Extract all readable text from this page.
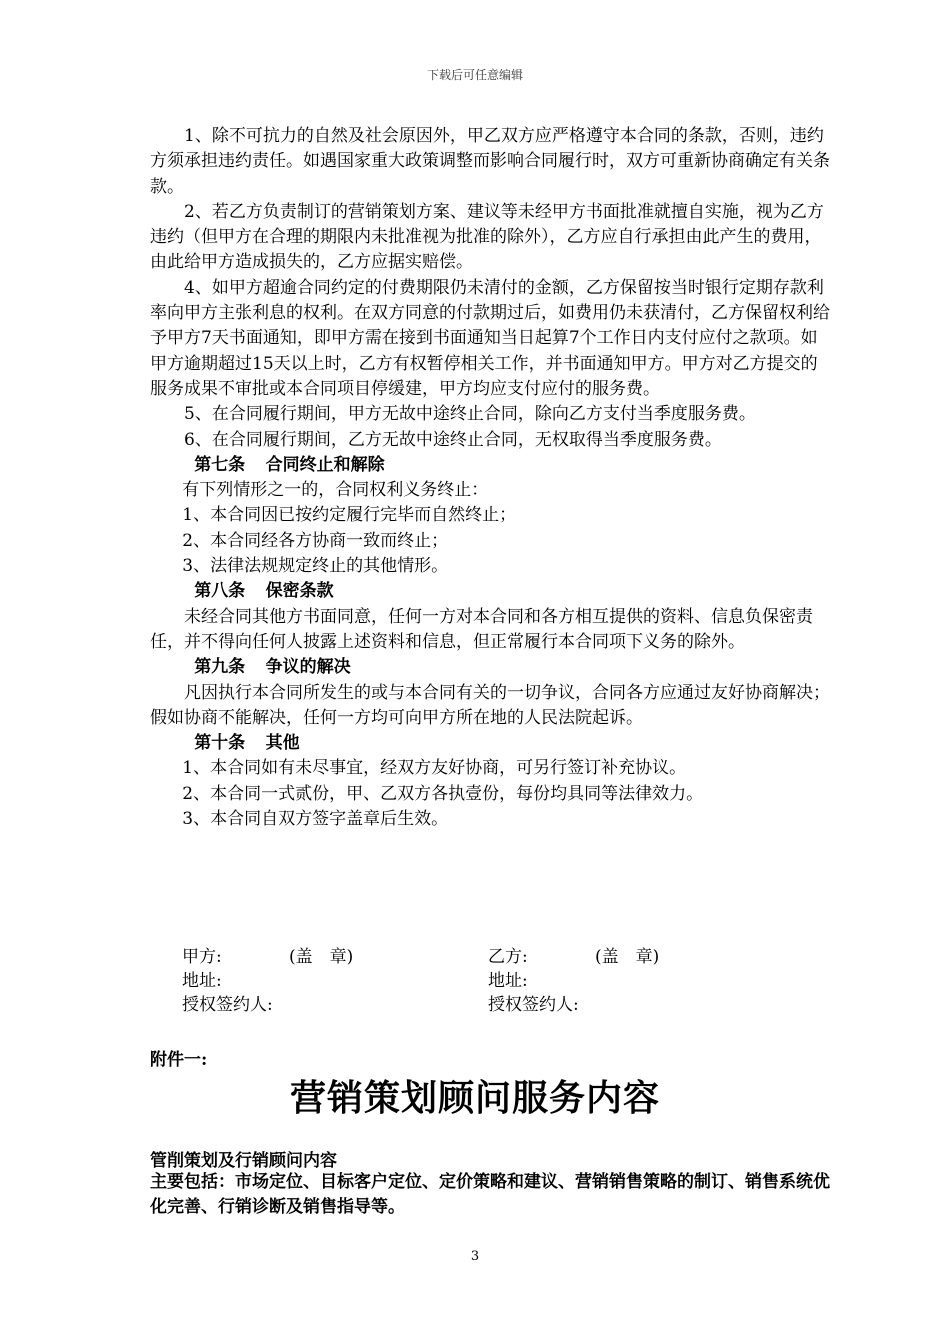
下载后可任意编辑

1、除不可抗力的自然及社会原因外，甲乙双方应严格遵守本合同的条款，否则，违约方须承担违约责任。如遇国家重大政策调整而影响合同履行时，双方可重新协商确定有关条款。

2、若乙方负责制订的营销策划方案、建议等未经甲方书面批准就擅自实施，视为乙方违约（但甲方在合理的期限内未批准视为批准的除外），乙方应自行承担由此产生的费用，由此给甲方造成损失的，乙方应据实赔偿。

4、如甲方超逾合同约定的付费期限仍未清付的金额，乙方保留按当时银行定期存款利率向甲方主张利息的权利。在双方同意的付款期过后，如费用仍未获清付，乙方保留权利给予甲方7天书面通知，即甲方需在接到书面通知当日起算7个工作日内支付应付之款项。如甲方逾期超过15天以上时，乙方有权暂停相关工作，并书面通知甲方。甲方对乙方提交的服务成果不审批或本合同项目停缓建，甲方均应支付应付的服务费。

5、在合同履行期间，甲方无故中途终止合同，除向乙方支付当季度服务费。

6、在合同履行期间，乙方无故中途终止合同，无权取得当季度服务费。

第七条 合同终止和解除

有下列情形之一的，合同权利义务终止：

1、本合同因已按约定履行完毕而自然终止；

2、本合同经各方协商一致而终止；

3、法律法规规定终止的其他情形。

第八条 保密条款

未经合同其他方书面同意，任何一方对本合同和各方相互提供的资料、信息负保密责任，并不得向任何人披露上述资料和信息，但正常履行本合同项下义务的除外。

第九条 争议的解决

凡因执行本合同所发生的或与本合同有关的一切争议，合同各方应通过友好协商解决；假如协商不能解决，任何一方均可向甲方所在地的人民法院起诉。

第十条 其他

1、本合同如有未尽事宜，经双方友好协商，可另行签订补充协议。

2、本合同一式贰份，甲、乙双方各执壹份，每份均具同等法律效力。

3、本合同自双方签字盖章后生效。

甲方:	(盖　章)
地址:
授权签约人:
乙方:	(盖　章)
地址:
授权签约人:
附件一:
营销策划顾问服务内容
管削策划及行销顾问内容
主要包括：市场定位、目标客户定位、定价策略和建议、营销销售策略的制订、销售系统优化完善、行销诊断及销售指导等。
3
